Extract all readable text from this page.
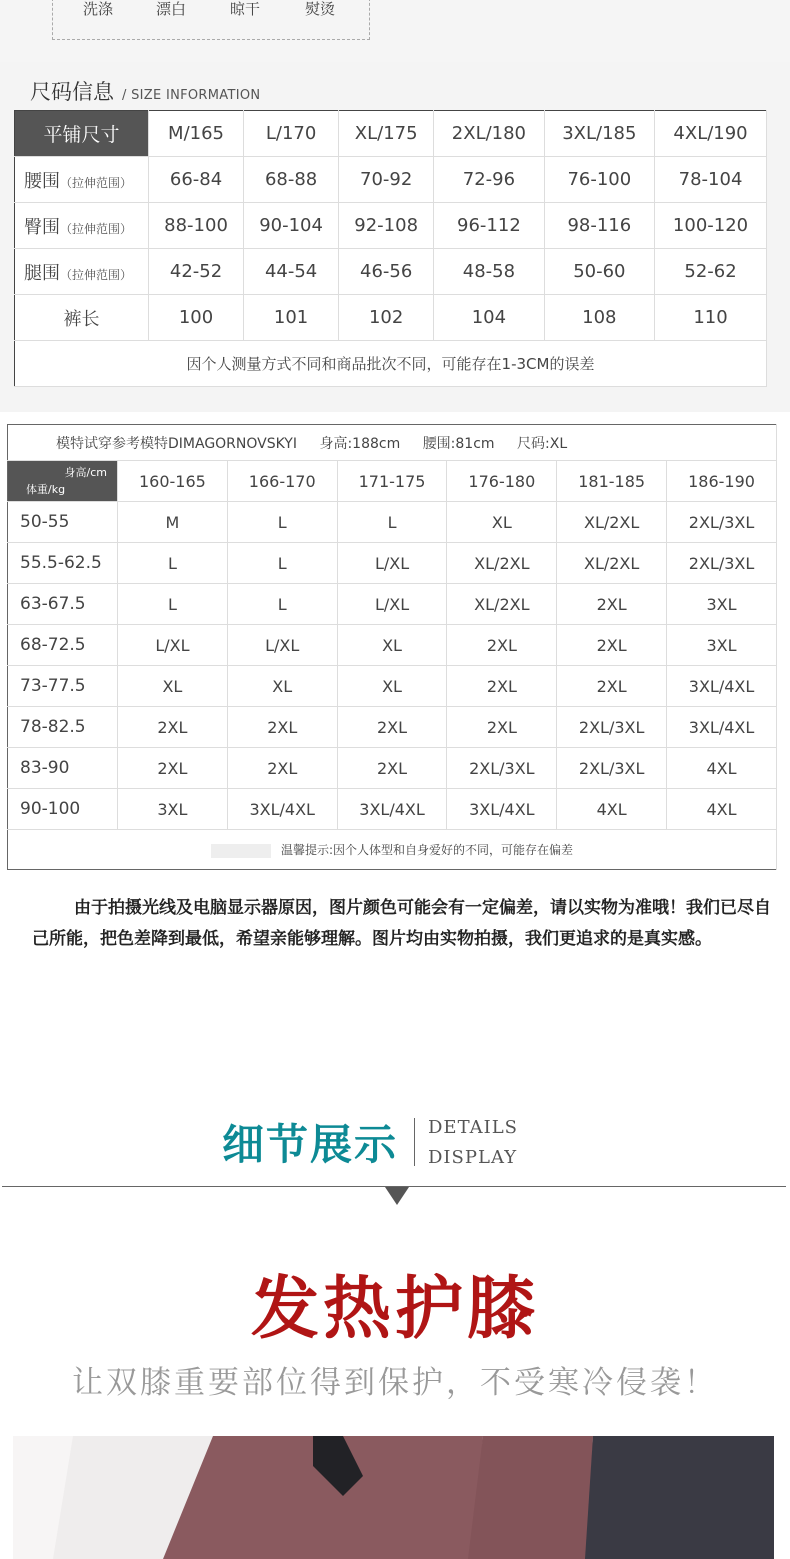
洗涤	漂白	晾干	熨烫
尺码信息 / SIZE INFORMATION
平铺尺寸	M/165	L/170	XL/175	2XL/180	3XL/185	4XL/190
腰围（拉伸范围）	66-84	68-88	70-92	72-96	76-100	78-104
臀围（拉伸范围）	88-100	90-104	92-108	96-112	98-116	100-120
腿围（拉伸范围）	42-52	44-54	46-56	48-58	50-60	52-62
裤长	100	101	102	104	108	110
因个人测量方式不同和商品批次不同，可能存在1-3CM的误差						
模特试穿参考模特DIMAGORNOVSKYI 身高:188cm 腰围:81cm 尺码:XL						

身高/cm
体重/kg	160-165	166-170	171-175	176-180	181-185	186-190
50-55	M	L	L	XL	XL/2XL	2XL/3XL
55.5-62.5	L	L	L/XL	XL/2XL	XL/2XL	2XL/3XL
63-67.5	L	L	L/XL	XL/2XL	2XL	3XL
68-72.5	L/XL	L/XL	XL	2XL	2XL	3XL
73-77.5	XL	XL	XL	2XL	2XL	3XL/4XL
78-82.5	2XL	2XL	2XL	2XL	2XL/3XL	3XL/4XL
83-90	2XL	2XL	2XL	2XL/3XL	2XL/3XL	4XL
90-100	3XL	3XL/4XL	3XL/4XL	3XL/4XL	4XL	4XL
温馨提示:因个人体型和自身爱好的不同，可能存在偏差						

由于拍摄光线及电脑显示器原因，图片颜色可能会有一定偏差，请以实物为准哦！我们已尽自己所能，把色差降到最低，希望亲能够理解。图片均由实物拍摄，我们更追求的是真实感。

细节展示 DETAILS
DISPLAY
发热护膝
让双膝重要部位得到保护，不受寒冷侵袭！
